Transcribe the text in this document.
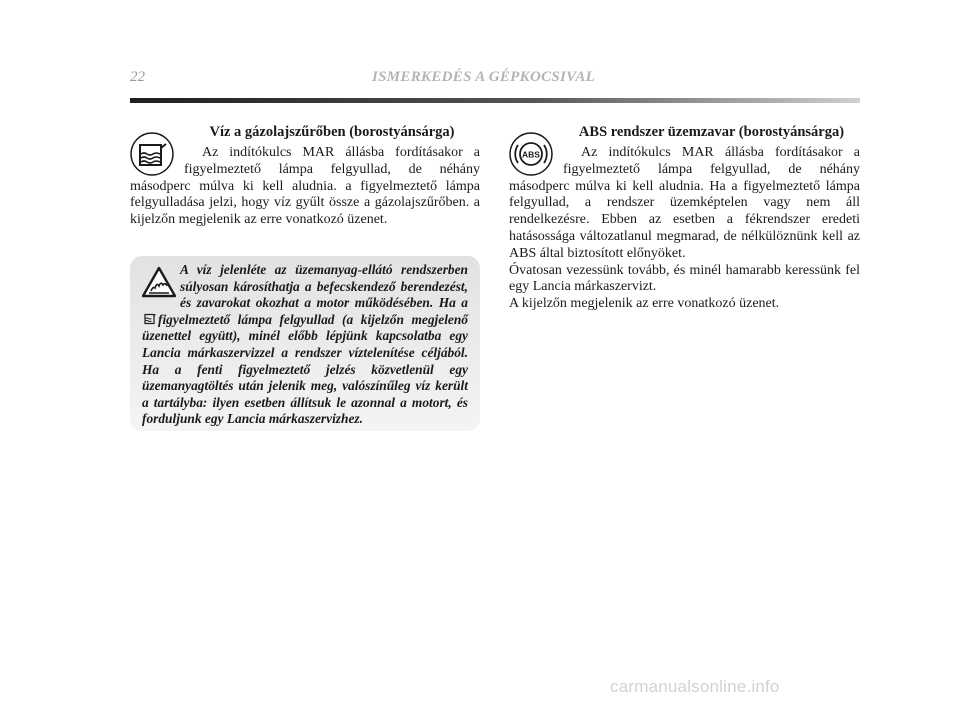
22	ISMERKEDÉS A GÉPKOCSIVAL

Víz a gázolajszűrőben (borostyánsárga)

Az indítókulcs MAR állásba fordításakor a figyelmeztető lámpa felgyullad, de néhány másodperc múlva ki kell aludnia. a figyelmeztető lámpa felgyulladása jelzi, hogy víz gyűlt össze a gázolajszűrőben. a kijelzőn megjelenik az erre vonatkozó üzenet.

A víz jelenléte az üzemanyag-ellátó rendszerben súlyosan károsíthatja a befecskendező berendezést, és zavarokat okozhat a motor működésében. Ha afigyelmeztető lámpa felgyullad (a kijelzőn megjelenő üzenettel együtt), minél előbb lépjünk kapcsolatba egy Lancia márkaszervizzel a rendszer víztelenítése céljából. Ha a fenti figyelmeztető jelzés közvetlenül egy üzemanyagtöltés után jelenik meg, valószínűleg víz került a tartályba: ilyen esetben állítsuk le azonnal a motort, és forduljunk egy Lancia márkaszervizhez.
ABS

ABS rendszer üzemzavar (borostyánsárga)

Az indítókulcs MAR állásba fordításakor a figyelmeztető lámpa felgyullad, de néhány másodperc múlva ki kell aludnia. Ha a figyelmeztető lámpa felgyullad, a rendszer üzemképtelen vagy nem áll rendelkezésre. Ebben az esetben a fékrendszer eredeti hatásossága változatlanul megmarad, de nélkülöznünk kell az ABS által biztosított előnyöket.

Óvatosan vezessünk tovább, és minél hamarabb keressünk fel egy Lancia márkaszervizt.

A kijelzőn megjelenik az erre vonatkozó üzenet.

carmanualsonline.info
